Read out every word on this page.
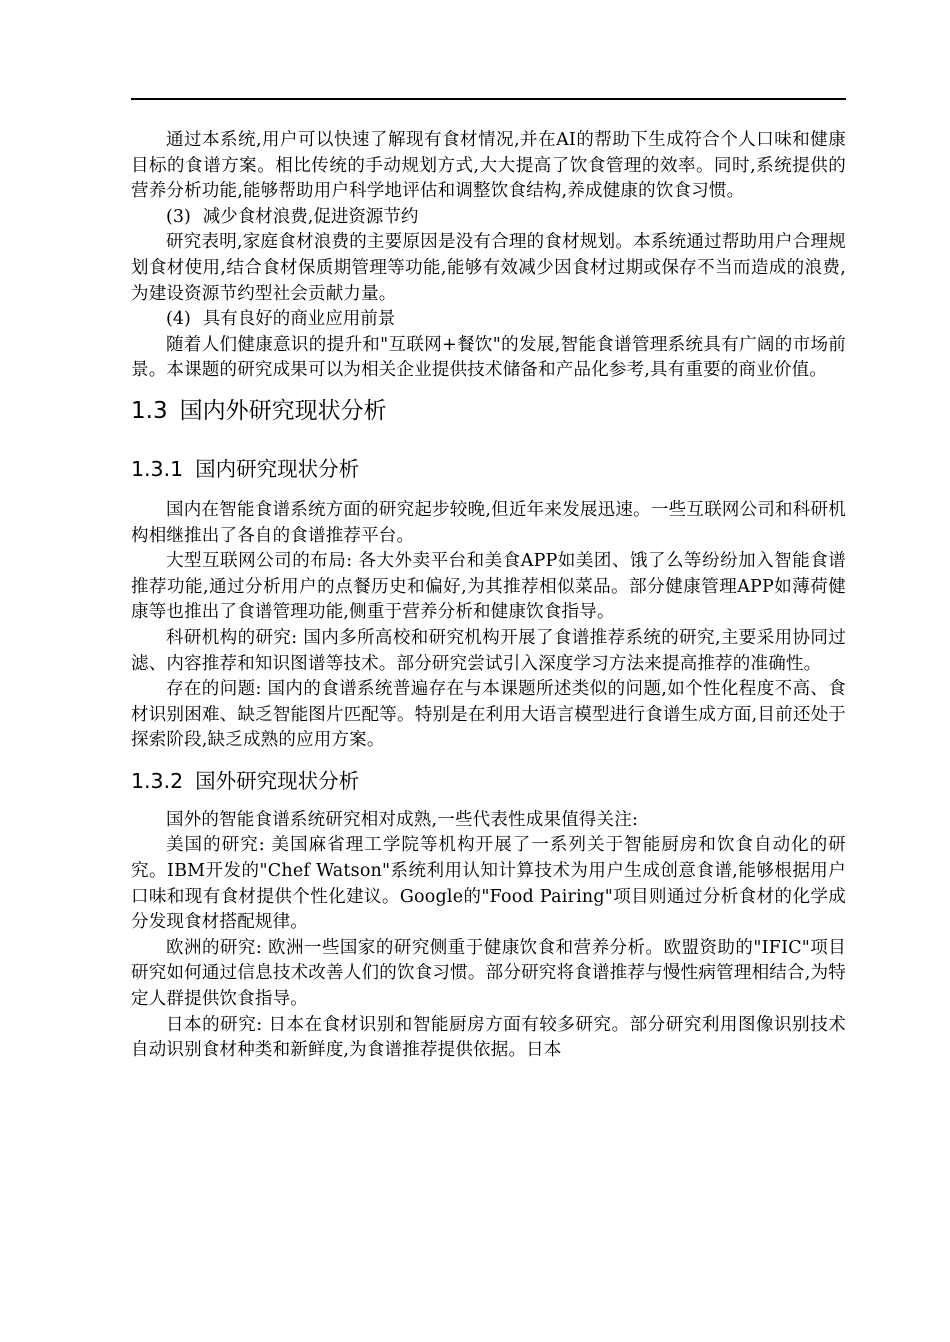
通过本系统,用户可以快速了解现有食材情况,并在AI的帮助下生成符合个人口味和健康目标的食谱方案。相比传统的手动规划方式,大大提高了饮食管理的效率。同时,系统提供的营养分析功能,能够帮助用户科学地评估和调整饮食结构,养成健康的饮食习惯。

(3) 减少食材浪费,促进资源节约

研究表明,家庭食材浪费的主要原因是没有合理的食材规划。本系统通过帮助用户合理规划食材使用,结合食材保质期管理等功能,能够有效减少因食材过期或保存不当而造成的浪费,为建设资源节约型社会贡献力量。

(4) 具有良好的商业应用前景

随着人们健康意识的提升和"互联网+餐饮"的发展,智能食谱管理系统具有广阔的市场前景。本课题的研究成果可以为相关企业提供技术储备和产品化参考,具有重要的商业价值。

1.3 国内外研究现状分析
1.3.1 国内研究现状分析

国内在智能食谱系统方面的研究起步较晚,但近年来发展迅速。一些互联网公司和科研机构相继推出了各自的食谱推荐平台。

大型互联网公司的布局: 各大外卖平台和美食APP如美团、饿了么等纷纷加入智能食谱推荐功能,通过分析用户的点餐历史和偏好,为其推荐相似菜品。部分健康管理APP如薄荷健康等也推出了食谱管理功能,侧重于营养分析和健康饮食指导。

科研机构的研究: 国内多所高校和研究机构开展了食谱推荐系统的研究,主要采用协同过滤、内容推荐和知识图谱等技术。部分研究尝试引入深度学习方法来提高推荐的准确性。

存在的问题: 国内的食谱系统普遍存在与本课题所述类似的问题,如个性化程度不高、食材识别困难、缺乏智能图片匹配等。特别是在利用大语言模型进行食谱生成方面,目前还处于探索阶段,缺乏成熟的应用方案。

1.3.2 国外研究现状分析

国外的智能食谱系统研究相对成熟,一些代表性成果值得关注:

美国的研究: 美国麻省理工学院等机构开展了一系列关于智能厨房和饮食自动化的研究。IBM开发的"Chef Watson"系统利用认知计算技术为用户生成创意食谱,能够根据用户口味和现有食材提供个性化建议。Google的"Food Pairing"项目则通过分析食材的化学成分发现食材搭配规律。

欧洲的研究: 欧洲一些国家的研究侧重于健康饮食和营养分析。欧盟资助的"IFIC"项目研究如何通过信息技术改善人们的饮食习惯。部分研究将食谱推荐与慢性病管理相结合,为特定人群提供饮食指导。

日本的研究: 日本在食材识别和智能厨房方面有较多研究。部分研究利用图像识别技术自动识别食材种类和新鲜度,为食谱推荐提供依据。日本
